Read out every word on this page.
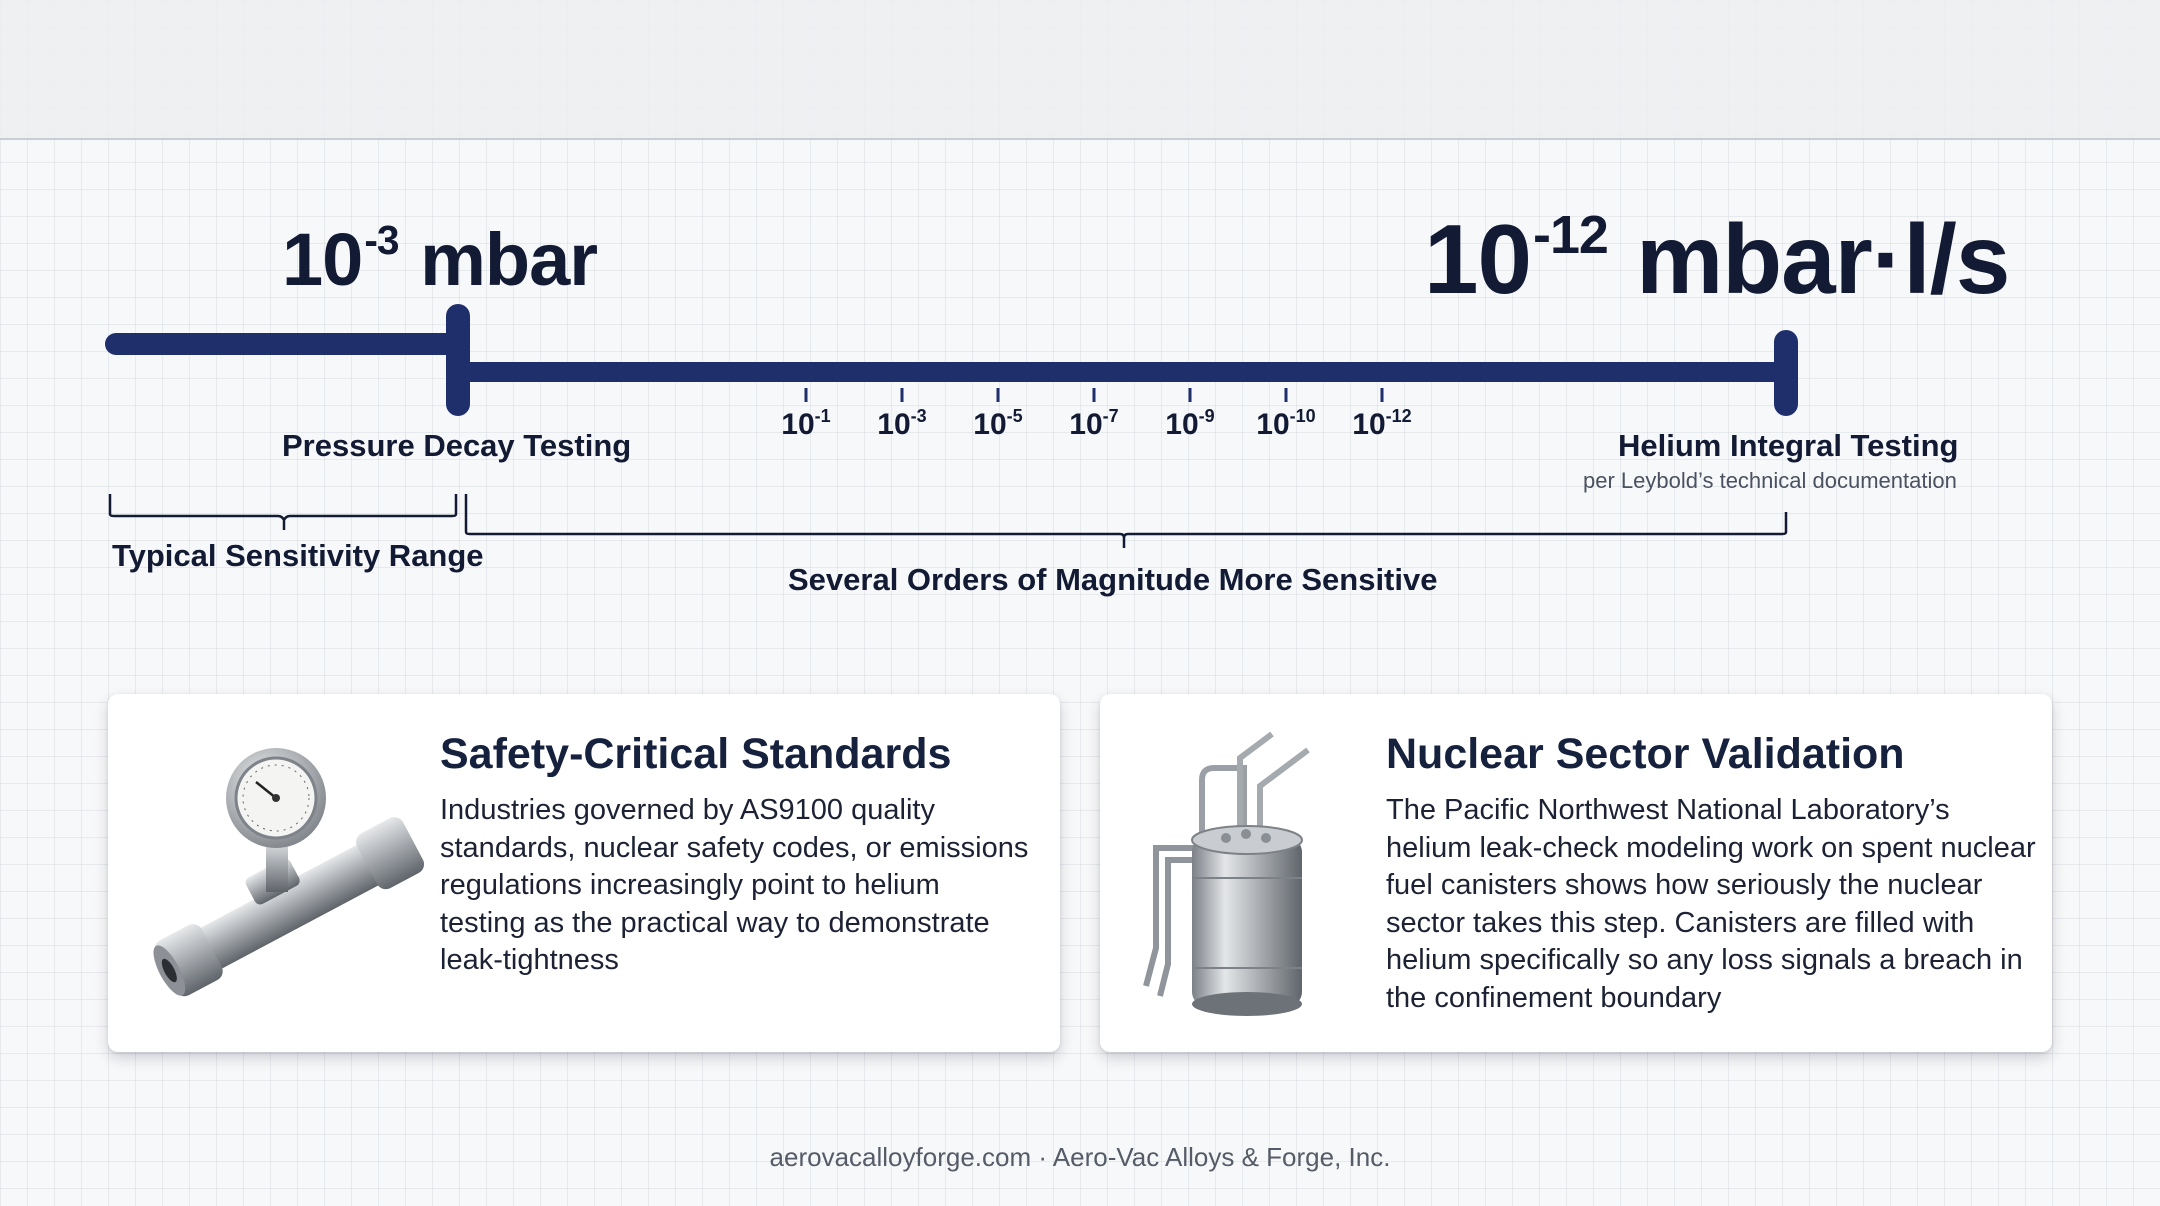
$10^{-3}$ mbar	$10^{-12}$ mbar·l/s
$10^{-1}$ $10^{-3}$ $10^{-5}$ $10^{-7}$ $10^{-9}$ $10^{-10}$ $10^{-12}$
Pressure Decay Testing	Helium Integral Testing
per Leybold’s technical documentation
Typical Sensitivity Range
Several Orders of Magnitude More Sensitive
Safety-Critical Standards
Industries governed by AS9100 quality standards, nuclear safety codes, or emissions regulations increasingly point to helium testing as the practical way to demonstrate leak-tightness
Nuclear Sector Validation
The Pacific Northwest National Laboratory’s helium leak-check modeling work on spent nuclear fuel canisters shows how seriously the nuclear sector takes this step. Canisters are filled with helium specifically so any loss signals a breach in the confinement boundary
aerovacalloyforge.com · Aero-Vac Alloys & Forge, Inc.
